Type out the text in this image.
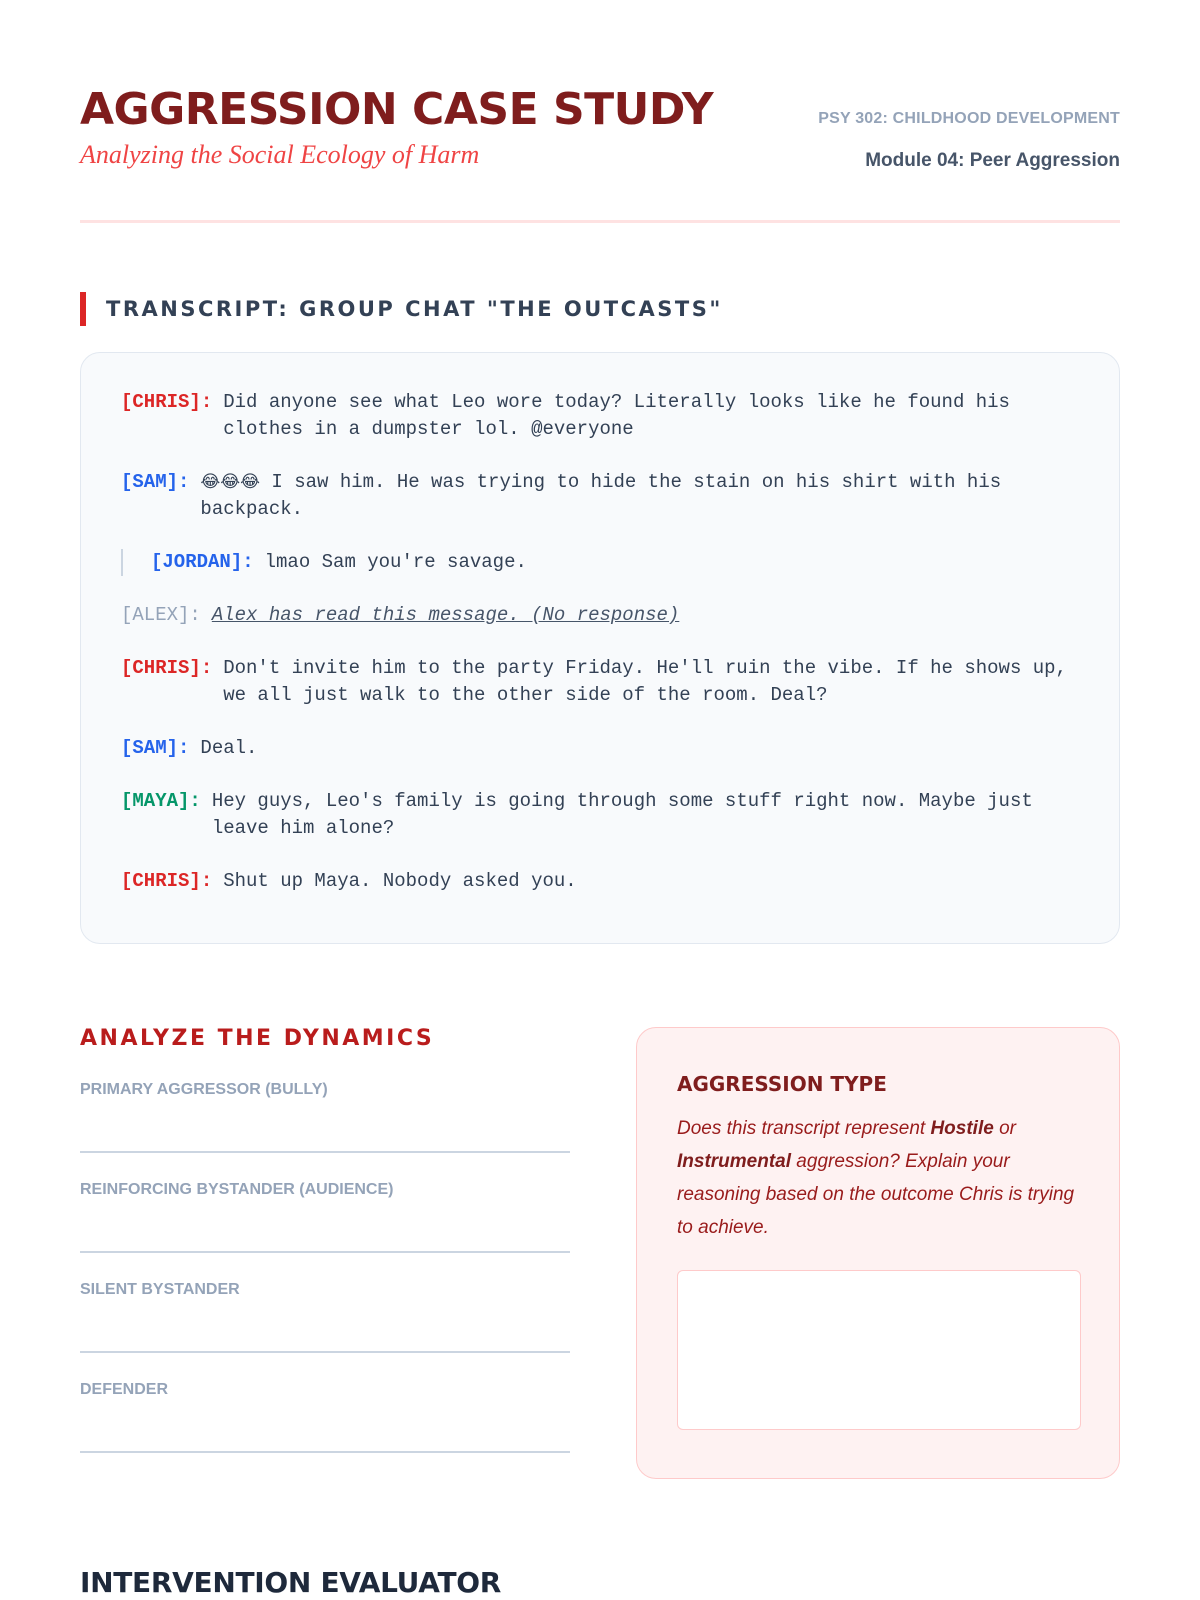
AGGRESSION CASE STUDY
Analyzing the Social Ecology of Harm
PSY 302: CHILDHOOD DEVELOPMENT
Module 04: Peer Aggression
TRANSCRIPT: GROUP CHAT "THE OUTCASTS"
[CHRIS]: Did anyone see what Leo wore today? Literally looks like he found his clothes in a dumpster lol. @everyone
[SAM]: 😂😂😂 I saw him. He was trying to hide the stain on his shirt with his backpack.
[JORDAN]: lmao Sam you're savage.
[ALEX]: Alex has read this message. (No response)
[CHRIS]: Don't invite him to the party Friday. He'll ruin the vibe. If he shows up, we all just walk to the other side of the room. Deal?
[SAM]: Deal.
[MAYA]: Hey guys, Leo's family is going through some stuff right now. Maybe just leave him alone?
[CHRIS]: Shut up Maya. Nobody asked you.
ANALYZE THE DYNAMICS
PRIMARY AGGRESSOR (BULLY)
REINFORCING BYSTANDER (AUDIENCE)
SILENT BYSTANDER
DEFENDER
AGGRESSION TYPE
Does this transcript represent Hostile or Instrumental aggression? Explain your reasoning based on the outcome Chris is trying to achieve.
INTERVENTION EVALUATOR
